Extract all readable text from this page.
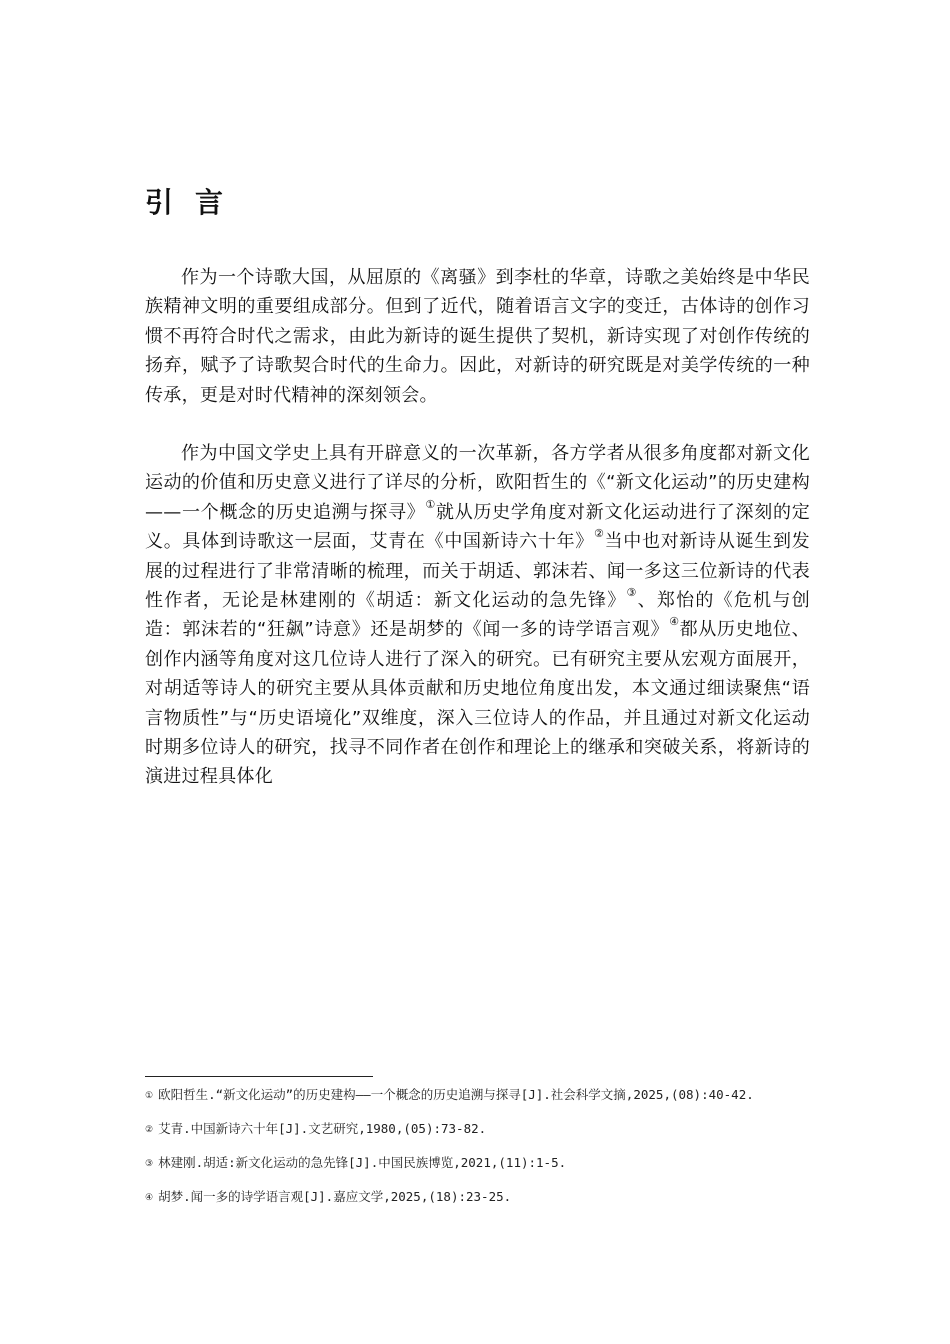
引言

作为一个诗歌大国，从屈原的《离骚》到李杜的华章，诗歌之美始终是中华民族精神文明的重要组成部分。但到了近代，随着语言文字的变迁，古体诗的创作习惯不再符合时代之需求，由此为新诗的诞生提供了契机，新诗实现了对创作传统的扬弃，赋予了诗歌契合时代的生命力。因此，对新诗的研究既是对美学传统的一种传承，更是对时代精神的深刻领会。

作为中国文学史上具有开辟意义的一次革新，各方学者从很多角度都对新文化运动的价值和历史意义进行了详尽的分析，欧阳哲生的《“新文化运动”的历史建构——一个概念的历史追溯与探寻》①就从历史学角度对新文化运动进行了深刻的定义。具体到诗歌这一层面，艾青在《中国新诗六十年》②当中也对新诗从诞生到发展的过程进行了非常清晰的梳理，而关于胡适、郭沫若、闻一多这三位新诗的代表性作者，无论是林建刚的《胡适：新文化运动的急先锋》③、郑怡的《危机与创造：郭沫若的“狂飙”诗意》还是胡梦的《闻一多的诗学语言观》④都从历史地位、创作内涵等角度对这几位诗人进行了深入的研究。已有研究主要从宏观方面展开，对胡适等诗人的研究主要从具体贡献和历史地位角度出发，本文通过细读聚焦“语言物质性”与“历史语境化”双维度，深入三位诗人的作品，并且通过对新文化运动时期多位诗人的研究，找寻不同作者在创作和理论上的继承和突破关系，将新诗的演进过程具体化

① 欧阳哲生.“新文化运动”的历史建构——一个概念的历史追溯与探寻[J].社会科学文摘,2025,(08):40-42.

② 艾青.中国新诗六十年[J].文艺研究,1980,(05):73-82.

③ 林建刚.胡适:新文化运动的急先锋[J].中国民族博览,2021,(11):1-5.

④ 胡梦.闻一多的诗学语言观[J].嘉应文学,2025,(18):23-25.
